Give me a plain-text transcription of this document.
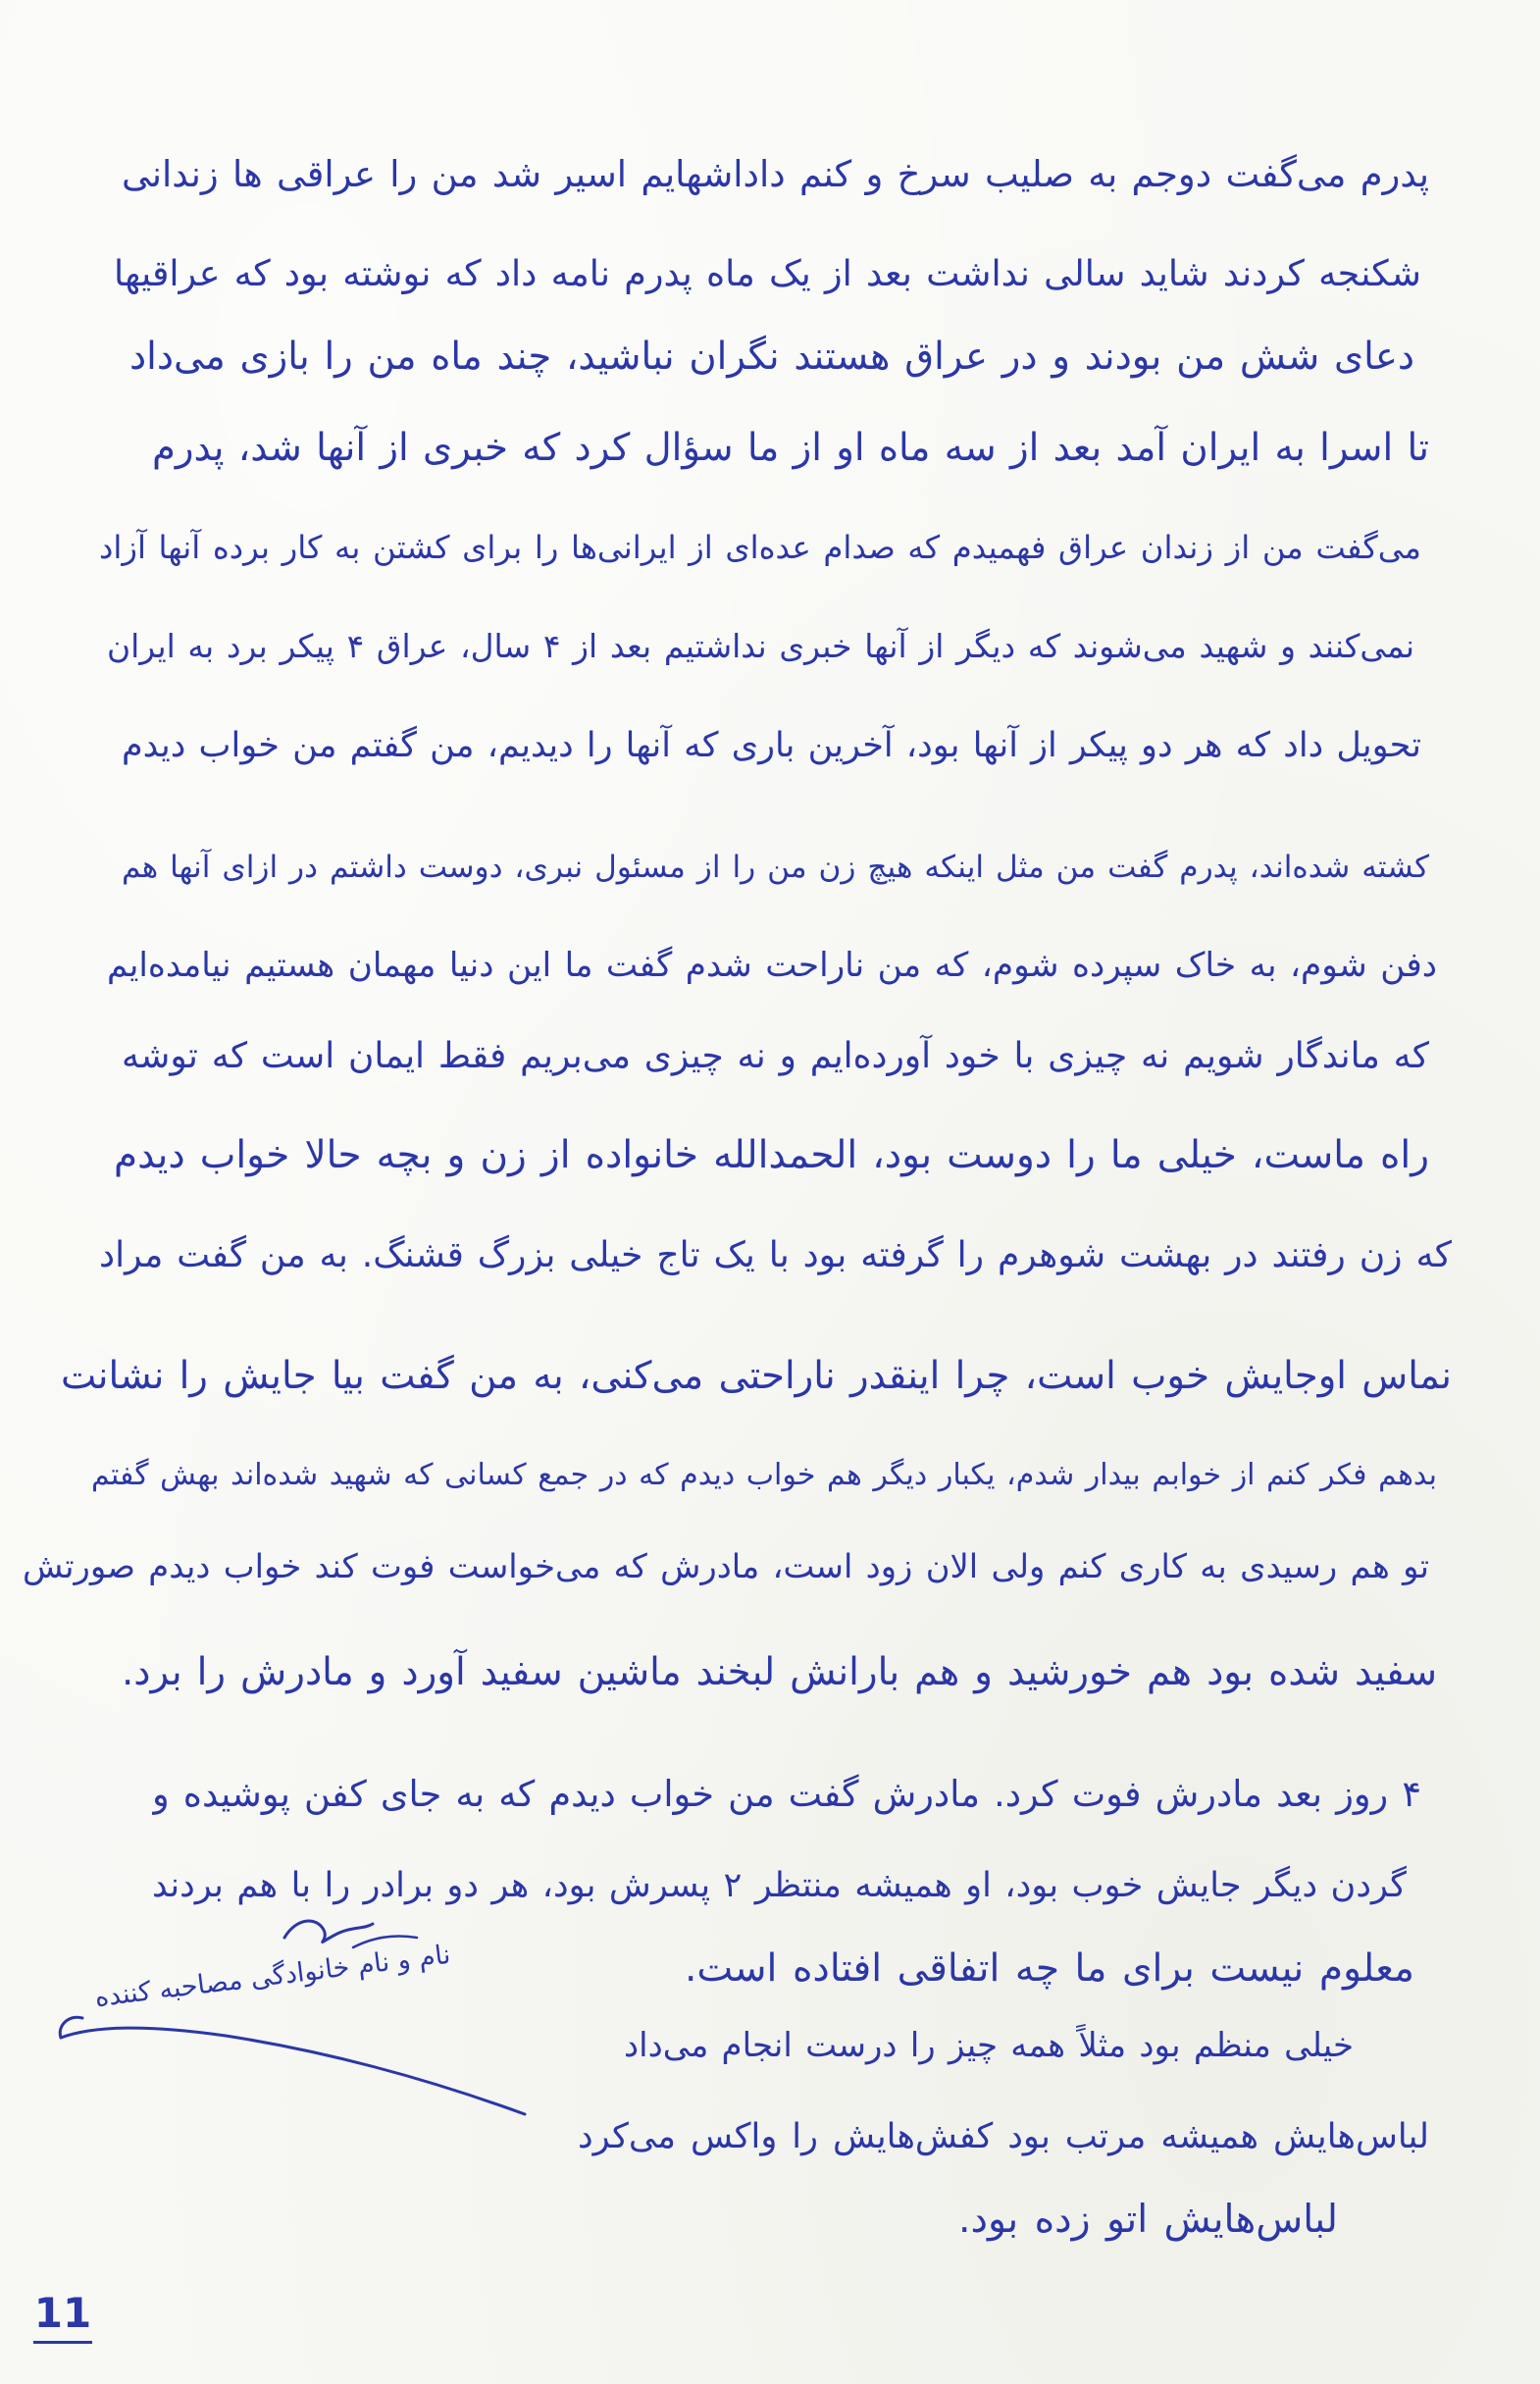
پدرم می‌گفت دوجم به صلیب سرخ و کنم داداشهایم اسیر شد من را عراقی ها زندانی
شکنجه کردند شاید سالی نداشت بعد از یک ماه پدرم نامه داد که نوشته بود که عراقیها
دعای شش من بودند و در عراق هستند نگران نباشید، چند ماه من را بازی می‌داد
تا اسرا به ایران آمد بعد از سه ماه او از ما سؤال کرد که خبری از آنها شد، پدرم
می‌گفت من از زندان عراق فهمیدم که صدام عده‌ای از ایرانی‌ها را برای کشتن به کار برده آنها آزاد
نمی‌کنند و شهید می‌شوند که دیگر از آنها خبری نداشتیم بعد از ۴ سال، عراق ۴ پیکر برد به ایران
تحویل داد که هر دو پیکر از آنها بود، آخرین باری که آنها را دیدیم، من گفتم من خواب دیدم
کشته شده‌اند، پدرم گفت من مثل اینکه هیچ زن من را از مسئول نبری، دوست داشتم در ازای آنها هم
دفن شوم، به خاک سپرده شوم، که من ناراحت شدم گفت ما این دنیا مهمان هستیم نیامده‌ایم
که ماندگار شویم نه چیزی با خود آورده‌ایم و نه چیزی می‌بریم فقط ایمان است که توشه
راه ماست، خیلی ما را دوست بود، الحمدالله خانواده از زن و بچه حالا خواب دیدم
که زن رفتند در بهشت شوهرم را گرفته بود با یک تاج خیلی بزرگ قشنگ. به من گفت مراد
نماس اوجایش خوب است، چرا اینقدر ناراحتی می‌کنی، به من گفت بیا جایش را نشانت
بدهم فکر کنم از خوابم بیدار شدم، یکبار دیگر هم خواب دیدم که در جمع کسانی که شهید شده‌اند بهش گفتم
تو هم رسیدی به کاری کنم ولی الان زود است، مادرش که می‌خواست فوت کند خواب دیدم صورتش
سفید شده بود هم خورشید و هم بارانش لبخند ماشین سفید آورد و مادرش را برد.
۴ روز بعد مادرش فوت کرد. مادرش گفت من خواب دیدم که به جای کفن پوشیده و
گردن دیگر جایش خوب بود، او همیشه منتظر ۲ پسرش بود، هر دو برادر را با هم بردند
معلوم نیست برای ما چه اتفاقی افتاده است.
خیلی منظم بود مثلاً همه چیز را درست انجام می‌داد
لباس‌هایش همیشه مرتب بود کفش‌هایش را واکس می‌کرد
لباس‌هایش اتو زده بود.
نام و نام خانوادگی مصاحبه کننده
11
